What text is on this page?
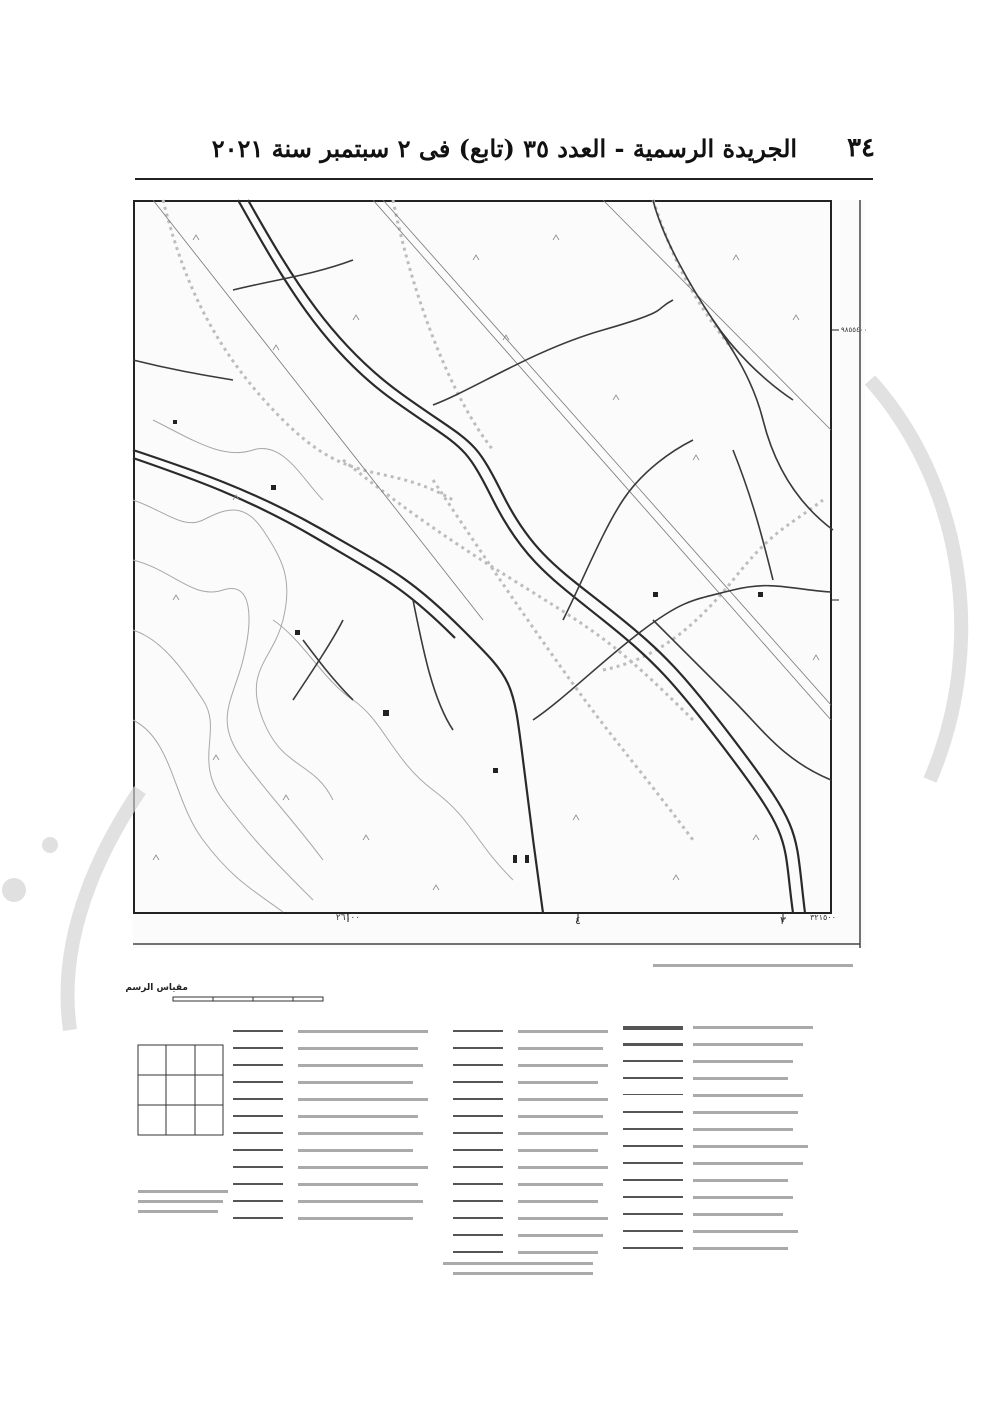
٣٤
الجريدة الرسمية - العدد ٣٥ (تابع) فى ٢ سبتمبر سنة ٢٠٢١
٢٦١٠٠	٤	٣	٣٢١٥٠٠
٩٨٥٥٤٠٠
مقياس الرسم
